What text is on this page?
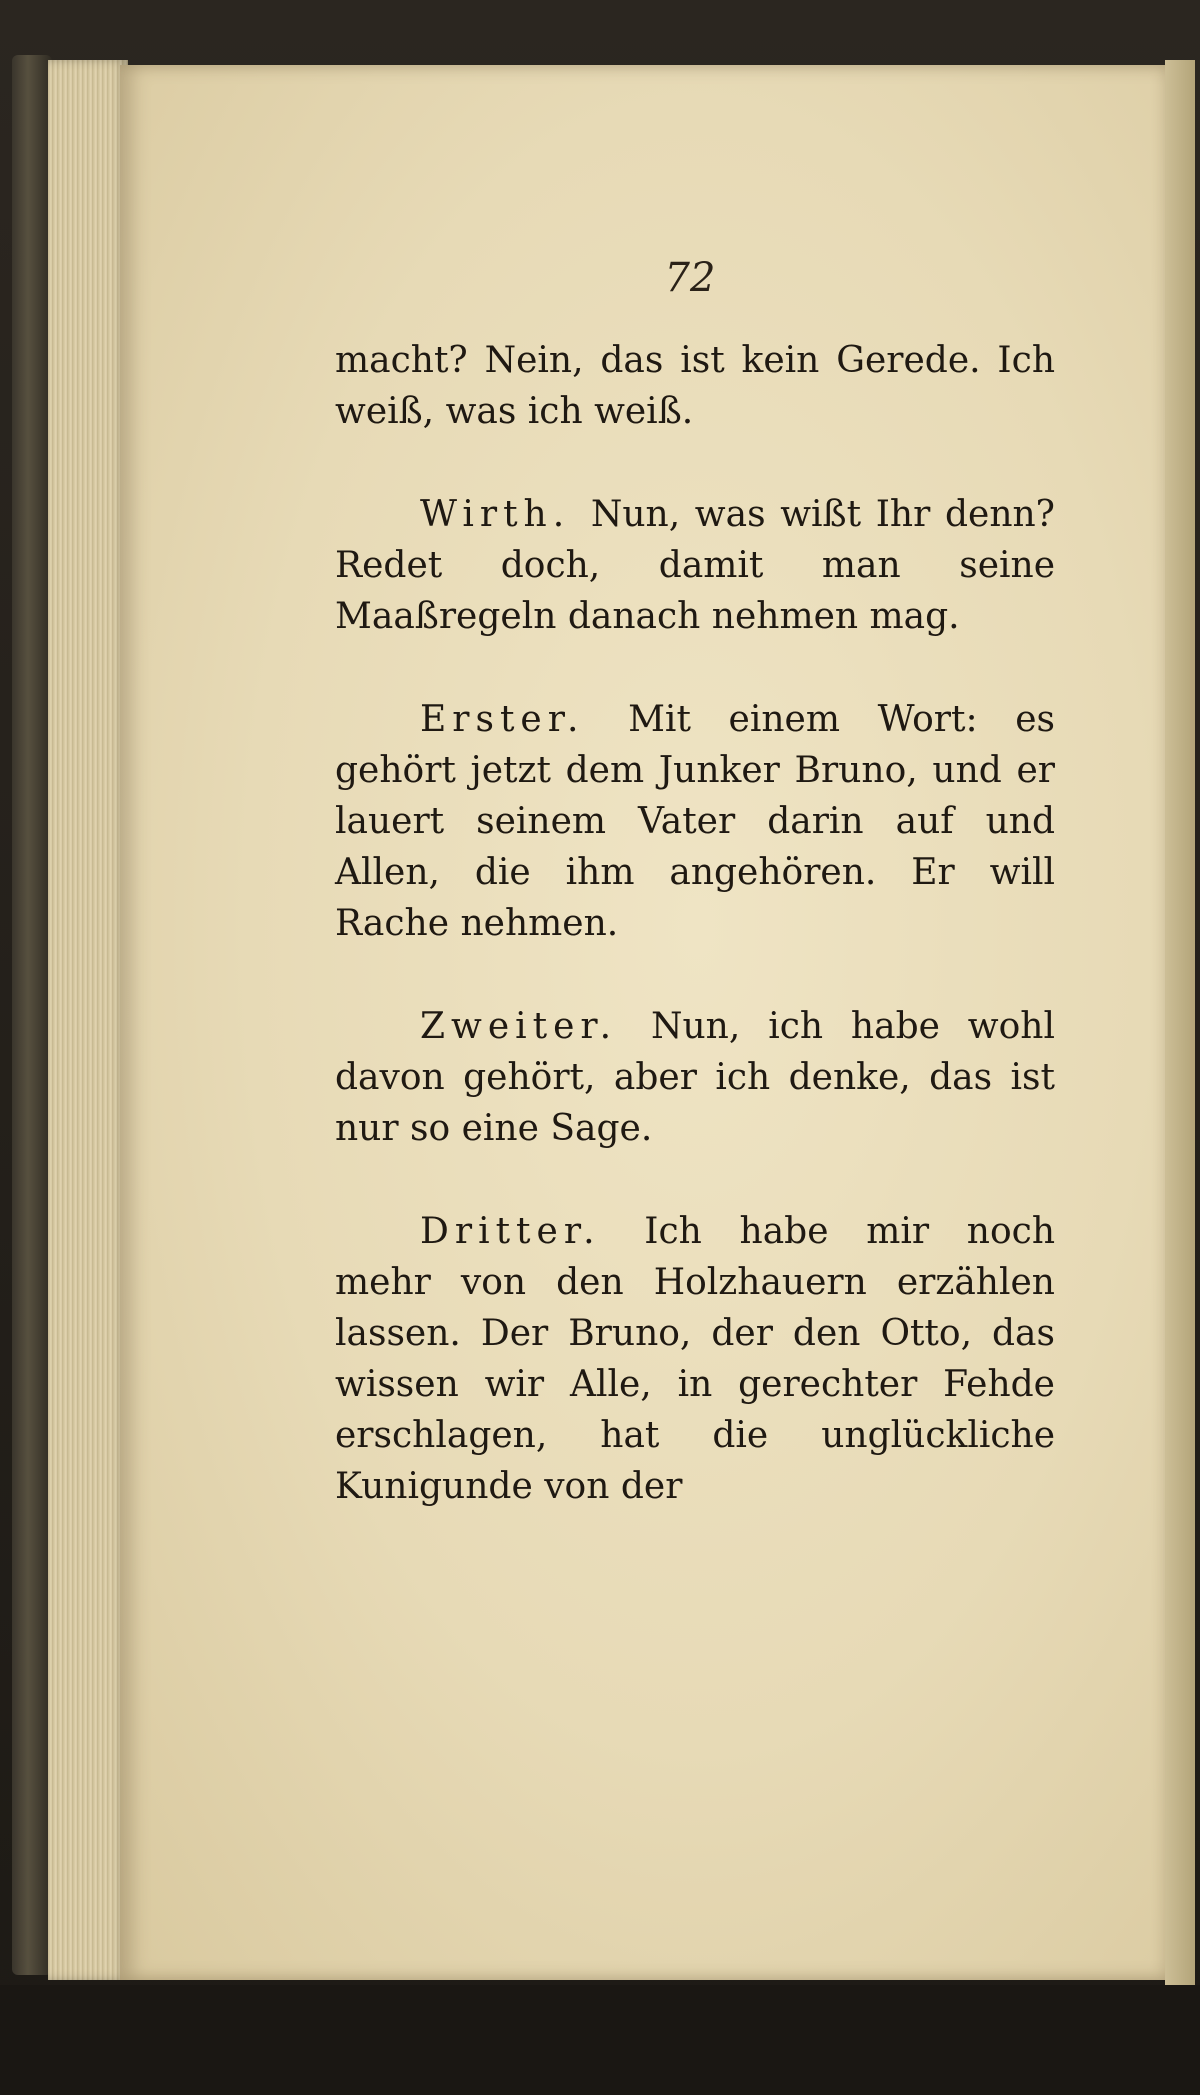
72

macht? Nein, das ist kein Gerede. Ich weiß, was ich weiß.

Wirth. Nun, was wißt Ihr denn? Redet doch, damit man seine Maaßregeln danach nehmen mag.

Erster. Mit einem Wort: es gehört jetzt dem Junker Bruno, und er lauert seinem Vater darin auf und Allen, die ihm angehören. Er will Rache nehmen.

Zweiter. Nun, ich habe wohl davon gehört, aber ich denke, das ist nur so eine Sage.

Dritter. Ich habe mir noch mehr von den Holzhauern erzählen lassen. Der Bruno, der den Otto, das wissen wir Alle, in gerechter Fehde erschlagen, hat die unglückliche Kunigunde von der
